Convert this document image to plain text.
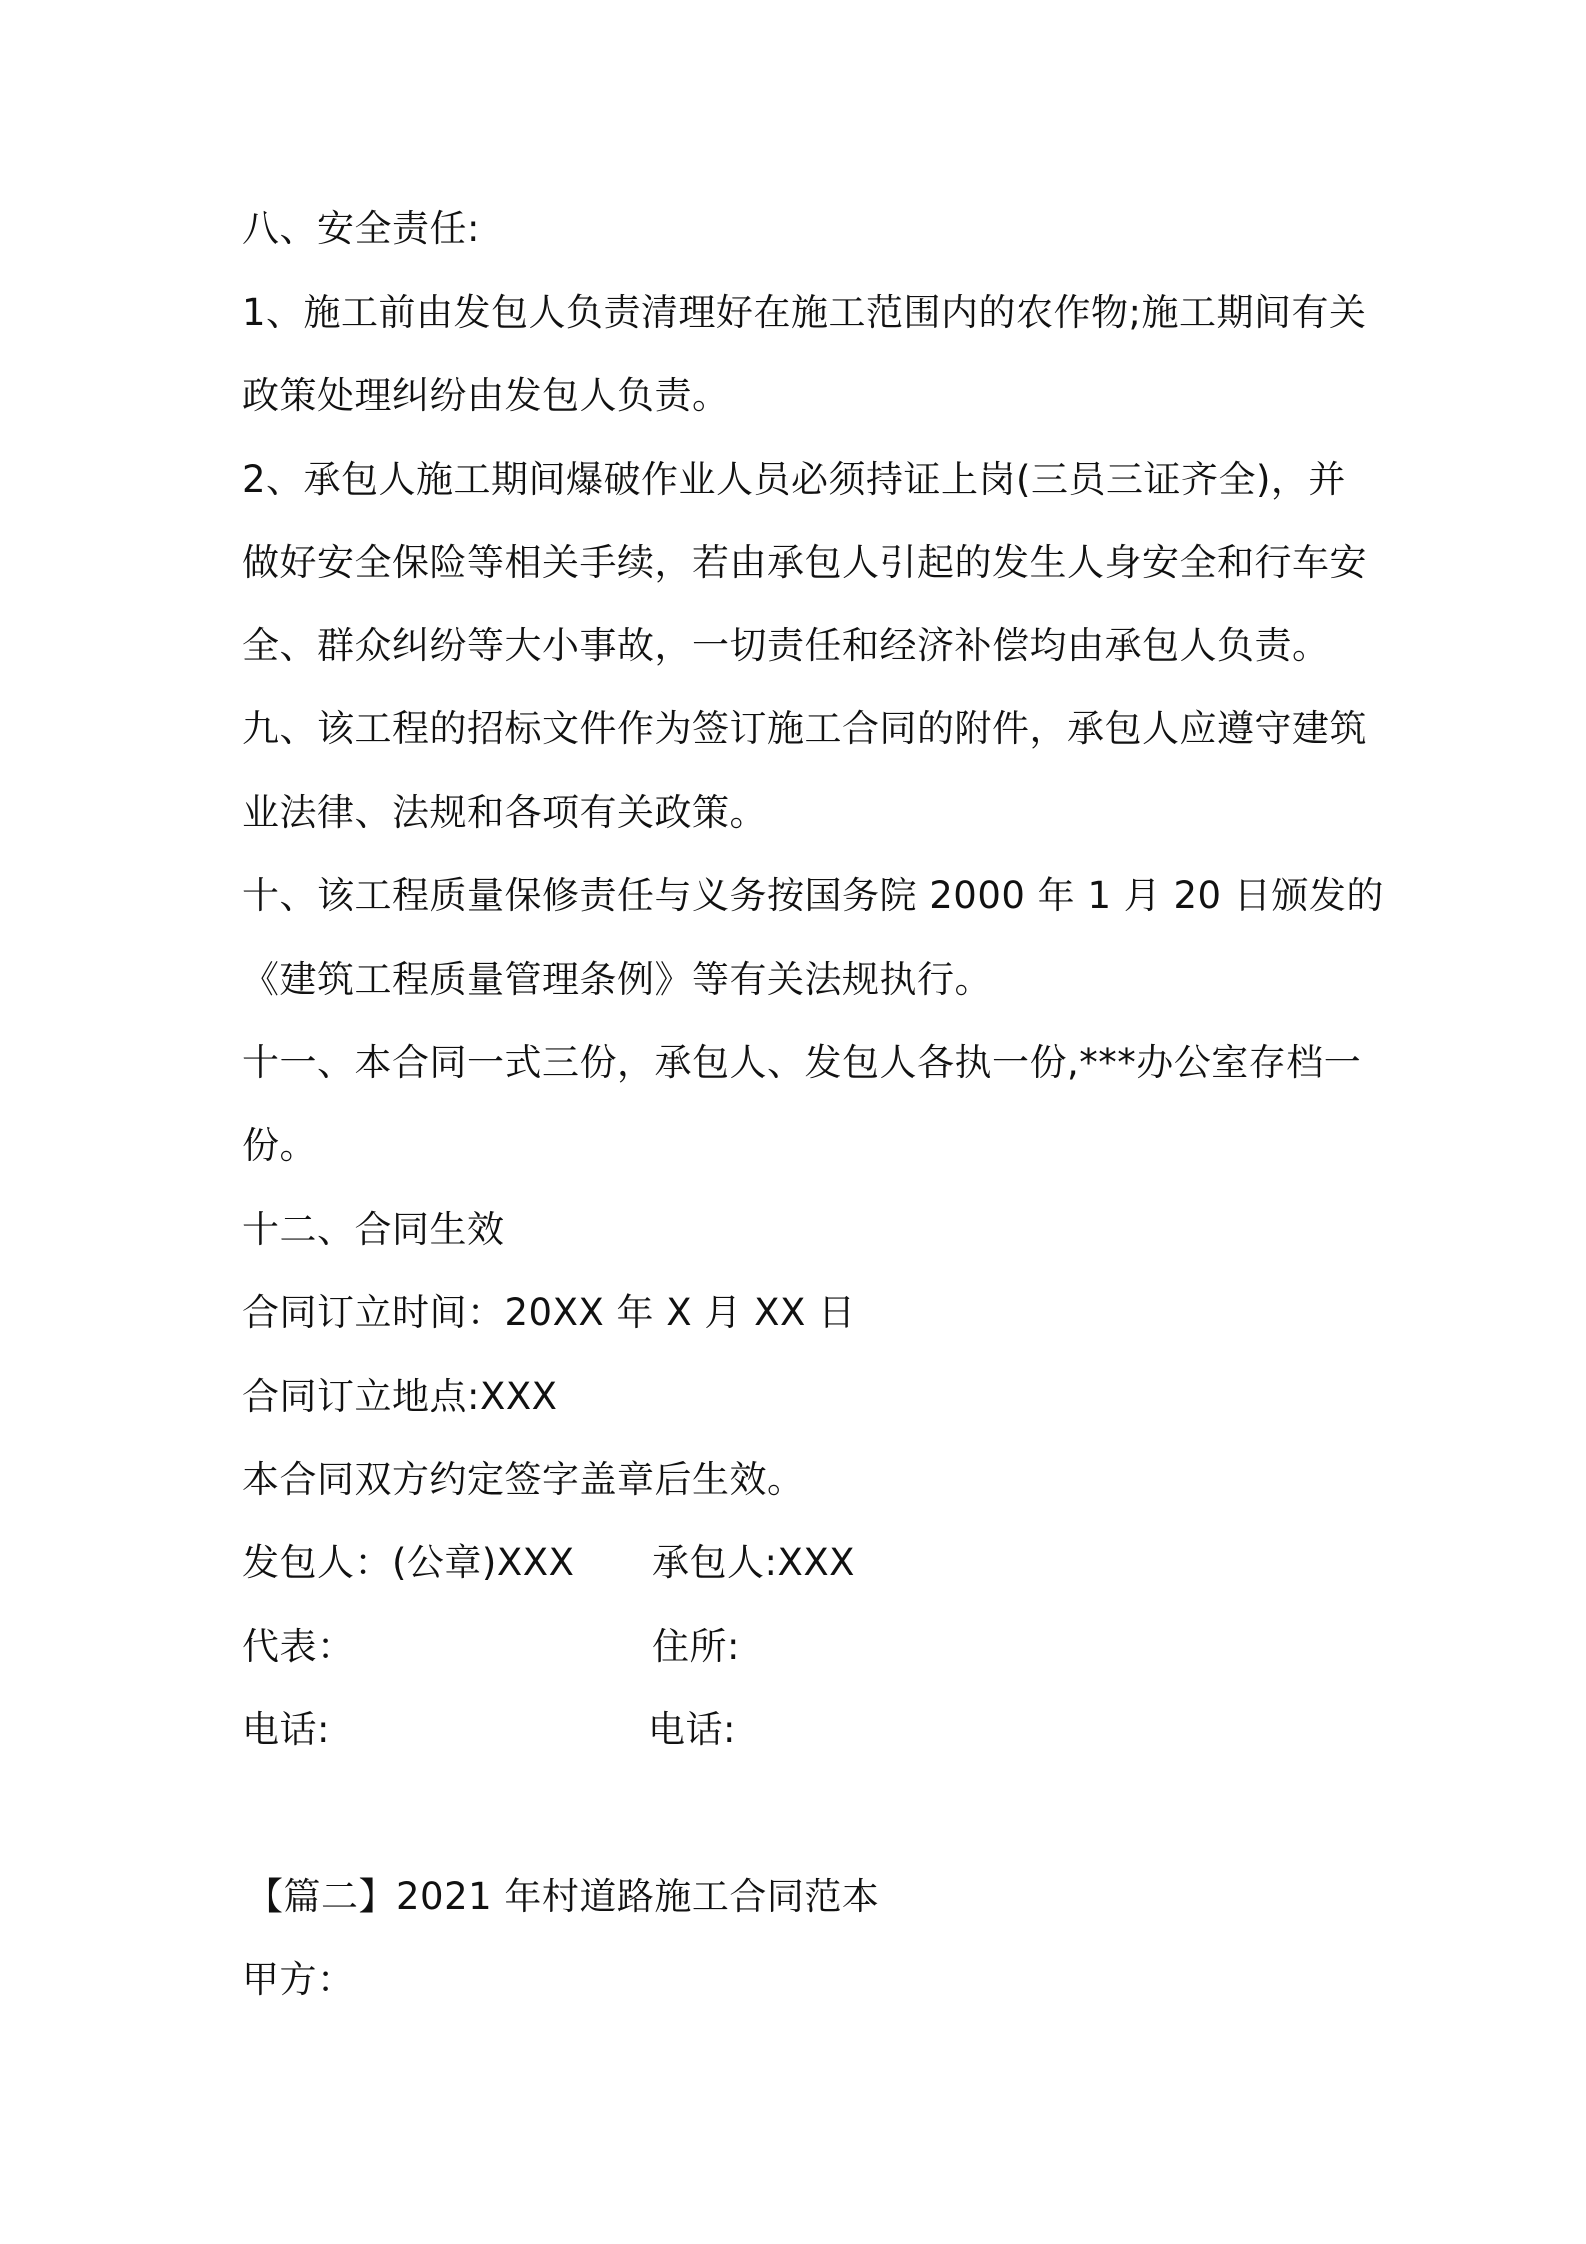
八、安全责任:
1、施工前由发包人负责清理好在施工范围内的农作物;施工期间有关
政策处理纠纷由发包人负责。
2、承包人施工期间爆破作业人员必须持证上岗(三员三证齐全)，并
做好安全保险等相关手续，若由承包人引起的发生人身安全和行车安
全、群众纠纷等大小事故，一切责任和经济补偿均由承包人负责。
九、该工程的招标文件作为签订施工合同的附件，承包人应遵守建筑
业法律、法规和各项有关政策。
十、该工程质量保修责任与义务按国务院 2000 年 1 月 20 日颁发的
《建筑工程质量管理条例》等有关法规执行。
十一、本合同一式三份，承包人、发包人各执一份,***办公室存档一
份。
十二、合同生效
合同订立时间：20XX 年 X 月 XX 日
合同订立地点:XXX
本合同双方约定签字盖章后生效。
发包人：(公章)XXX 承包人:XXX
代表：	住所:
电话:	电话:
【篇二】2021 年村道路施工合同范本
甲方：
